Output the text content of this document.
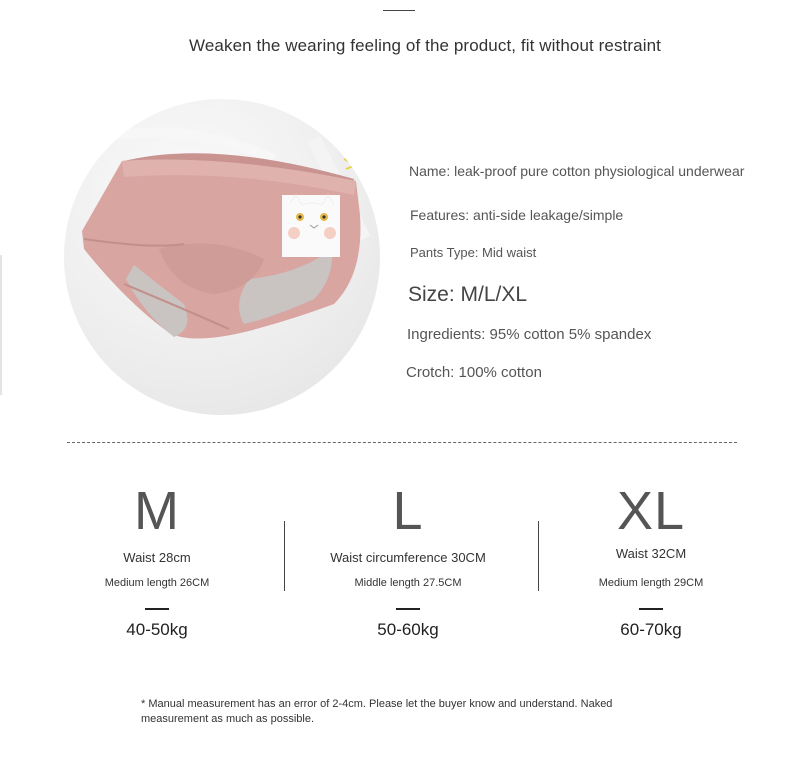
Weaken the wearing feeling of the product, fit without restraint
Name: leak-proof pure cotton physiological underwear
Features: anti-side leakage/simple
Pants Type: Mid waist
Size: M/L/XL
Ingredients: 95% cotton 5% spandex
Crotch: 100% cotton
M
Waist 28cm
Medium length 26CM
40-50kg
L
Waist circumference 30CM
Middle length 27.5CM
50-60kg
XL
Waist 32CM
Medium length 29CM
60-70kg
* Manual measurement has an error of 2-4cm. Please let the buyer know and understand. Naked measurement as much as possible.
